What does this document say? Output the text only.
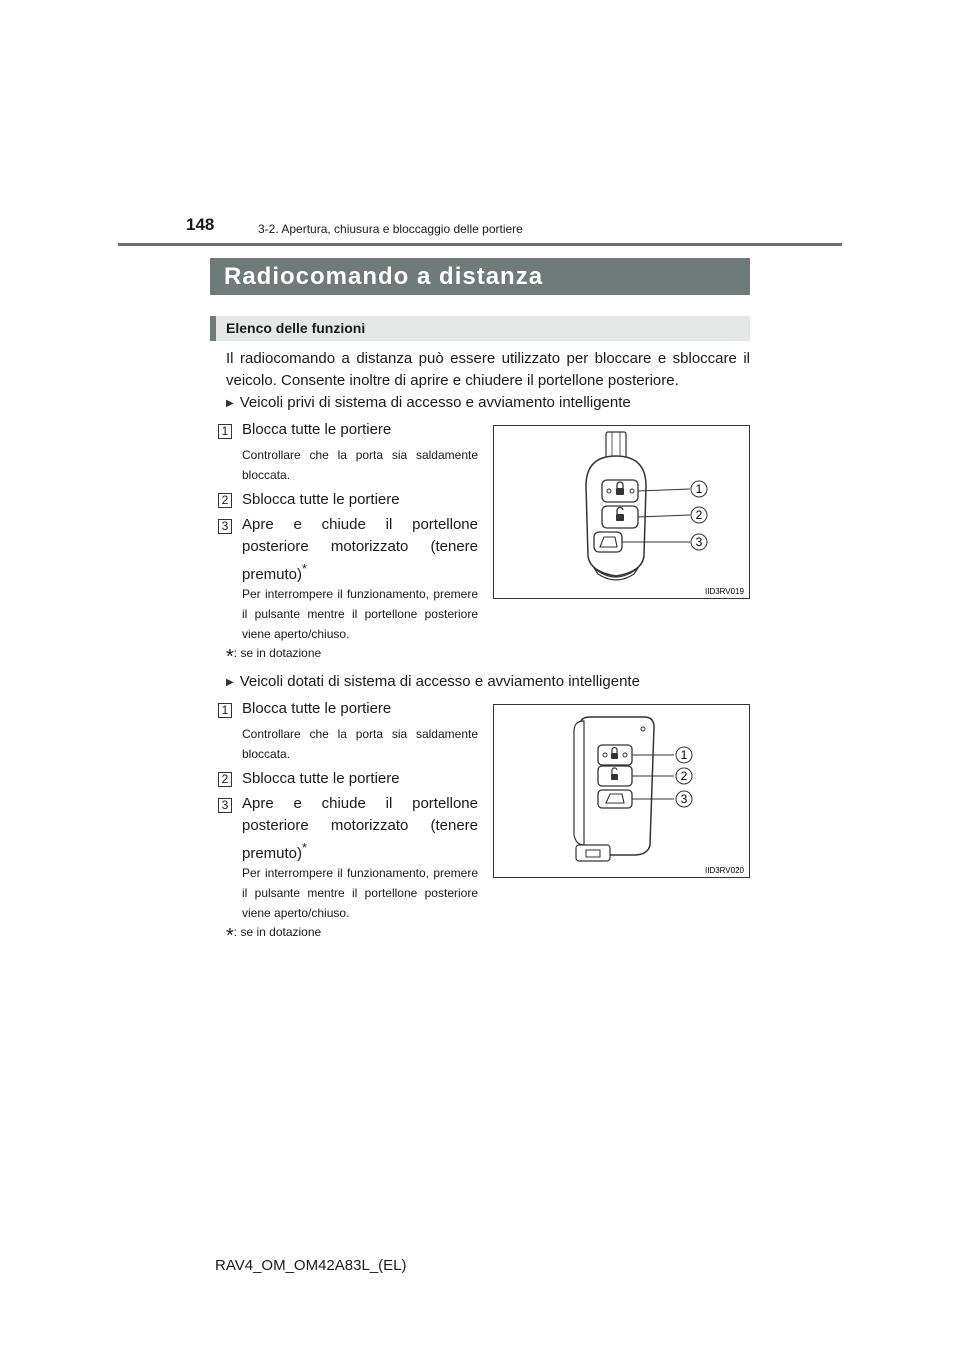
148	3-2. Apertura, chiusura e bloccaggio delle portiere
Radiocomando a distanza
Elenco delle funzioni
Il radiocomando a distanza può essere utilizzato per bloccare e sbloccare il veicolo. Consente inoltre di aprire e chiudere il portellone posteriore.
▶ Veicoli privi di sistema di accesso e avviamento intelligente
1 Blocca tutte le portiere
Controllare che la porta sia saldamente bloccata.
2 Sblocca tutte le portiere
3 Apre e chiude il portellone posteriore motorizzato (tenere premuto)*
Per interrompere il funzionamento, premere il pulsante mentre il portellone posteriore viene aperto/chiuso.
*: se in dotazione
1
2
3
IID3RV019
▶ Veicoli dotati di sistema di accesso e avviamento intelligente
1 Blocca tutte le portiere
Controllare che la porta sia saldamente bloccata.
2 Sblocca tutte le portiere
3 Apre e chiude il portellone posteriore motorizzato (tenere premuto)*
Per interrompere il funzionamento, premere il pulsante mentre il portellone posteriore viene aperto/chiuso.
*: se in dotazione
1
2
3
IID3RV020
RAV4_OM_OM42A83L_(EL)
